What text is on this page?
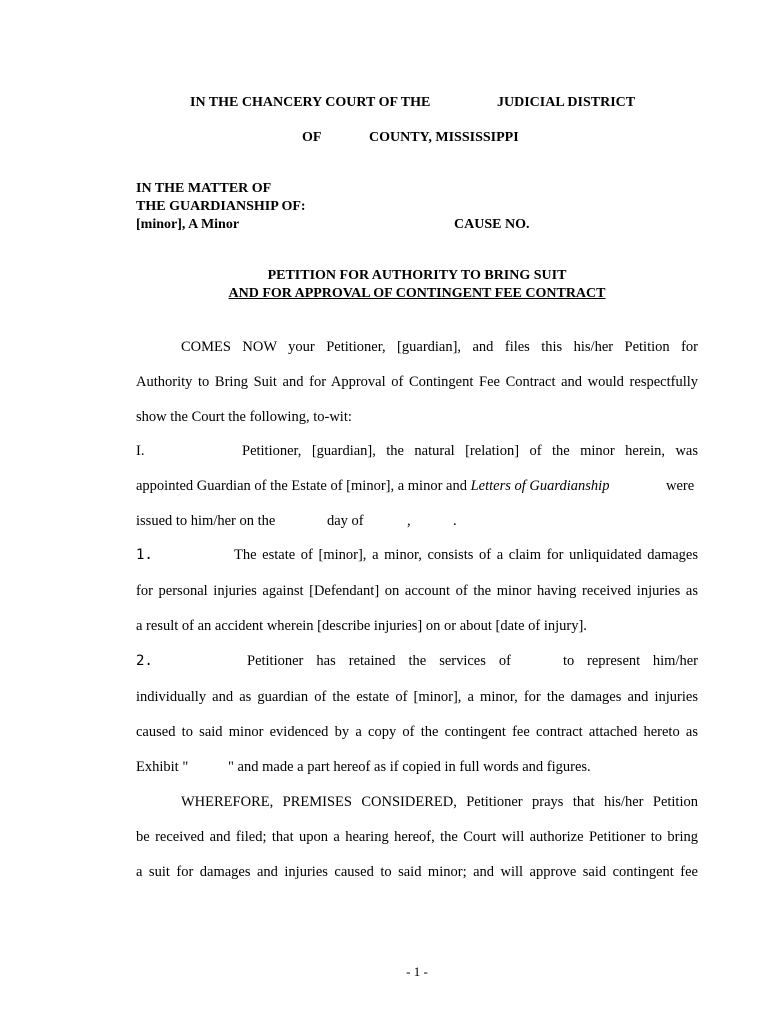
IN THE CHANCERY COURT OF THE	JUDICIAL DISTRICT
OF	COUNTY, MISSISSIPPI
IN THE MATTER OF
THE GUARDIANSHIP OF:
[minor], A Minor	CAUSE NO.
PETITION FOR AUTHORITY TO BRING SUIT
AND FOR APPROVAL OF CONTINGENT FEE CONTRACT
COMES NOW your Petitioner, [guardian], and files this his/her Petition for
Authority to Bring Suit and for Approval of Contingent Fee Contract and would respectfully
show the Court the following, to-wit:
I.	Petitioner, [guardian], the natural [relation] of the minor herein, was
appointed Guardian of the Estate of [minor], a minor and Letters of Guardianship	were
issued to him/her on the	day of	,	.
1.	The estate of [minor], a minor, consists of a claim for unliquidated damages
for personal injuries against [Defendant] on account of the minor having received injuries as
a result of an accident wherein [describe injuries] on or about [date of injury].
2.	Petitioner has retained the services of	to represent him/her
individually and as guardian of the estate of [minor], a minor, for the damages and injuries
caused to said minor evidenced by a copy of the contingent fee contract attached hereto as
Exhibit "	" and made a part hereof as if copied in full words and figures.
WHEREFORE, PREMISES CONSIDERED, Petitioner prays that his/her Petition
be received and filed; that upon a hearing hereof, the Court will authorize Petitioner to bring
a suit for damages and injuries caused to said minor; and will approve said contingent fee
- 1 -
